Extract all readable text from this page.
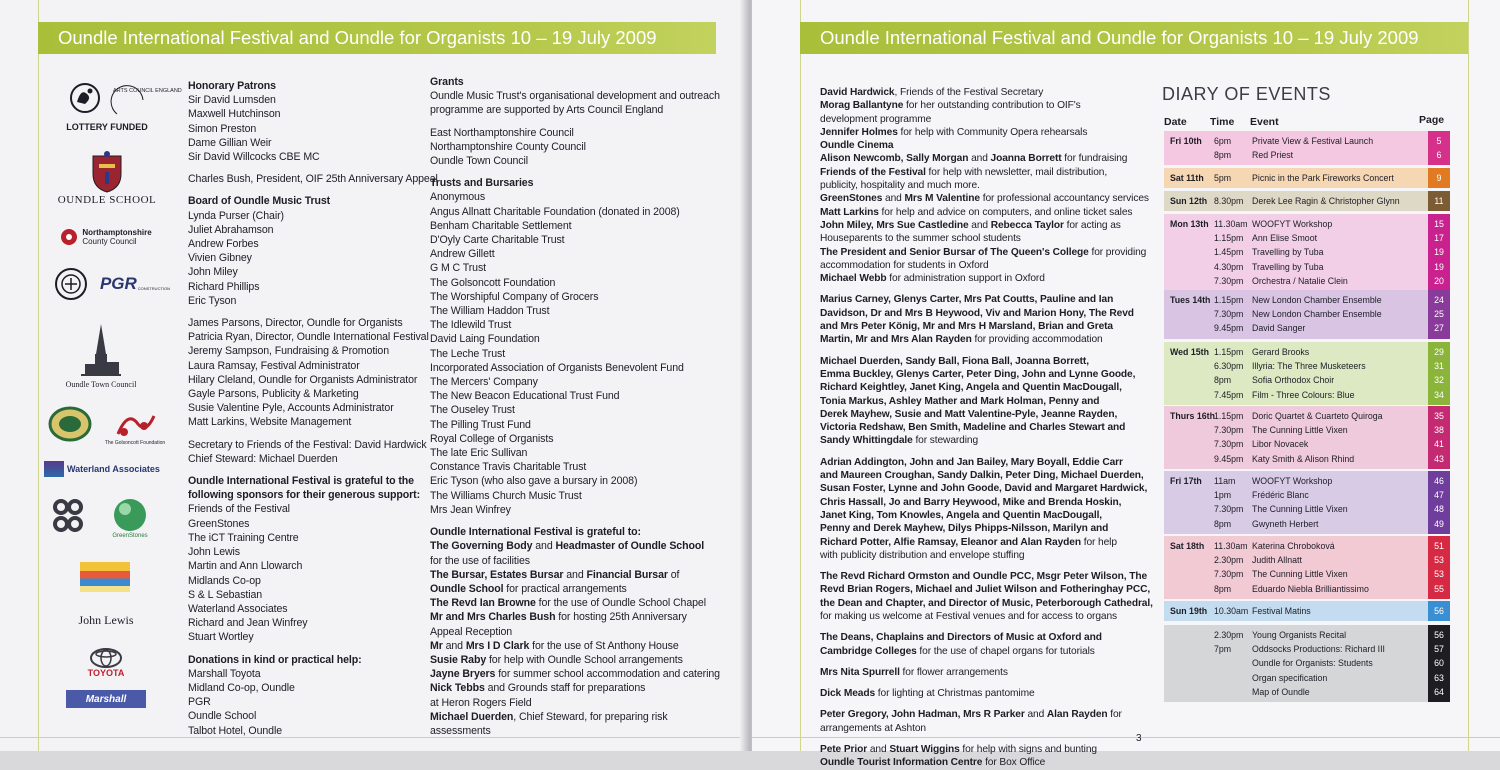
Oundle International Festival and Oundle for Organists 10 – 19 July 2009
ARTS COUNCIL ENGLAND
LOTTERY FUNDED
OUNDLE SCHOOL
Northamptonshire
County Council
PGR CONSTRUCTION
Oundle Town Council
The Golsoncott Foundation
Waterland Associates
GreenStones
John Lewis
TOYOTA
Marshall
Honorary Patrons
Sir David Lumsden
Maxwell Hutchinson
Simon Preston
Dame Gillian Weir
Sir David Willcocks CBE MC
Charles Bush, President, OIF 25th Anniversary Appeal
Board of Oundle Music Trust
Lynda Purser (Chair)
Juliet Abrahamson
Andrew Forbes
Vivien Gibney
John Miley
Richard Phillips
Eric Tyson
James Parsons, Director, Oundle for Organists
Patricia Ryan, Director, Oundle International Festival
Jeremy Sampson, Fundraising & Promotion
Laura Ramsay, Festival Administrator
Hilary Cleland, Oundle for Organists Administrator
Gayle Parsons, Publicity & Marketing
Susie Valentine Pyle, Accounts Administrator
Matt Larkins, Website Management
Secretary to Friends of the Festival: David Hardwick
Chief Steward: Michael Duerden
Oundle International Festival is grateful to the
following sponsors for their generous support:
Friends of the Festival
GreenStones
The iCT Training Centre
John Lewis
Martin and Ann Llowarch
Midlands Co-op
S & L Sebastian
Waterland Associates
Richard and Jean Winfrey
Stuart Wortley
Donations in kind or practical help:
Marshall Toyota
Midland Co-op, Oundle
PGR
Oundle School
Talbot Hotel, Oundle
Grants
Oundle Music Trust's organisational development and outreach
programme are supported by Arts Council England
East Northamptonshire Council
Northamptonshire County Council
Oundle Town Council
Trusts and Bursaries
Anonymous
Angus Allnatt Charitable Foundation (donated in 2008)
Benham Charitable Settlement
D'Oyly Carte Charitable Trust
Andrew Gillett
G M C Trust
The Golsoncott Foundation
The Worshipful Company of Grocers
The William Haddon Trust
The Idlewild Trust
David Laing Foundation
The Leche Trust
Incorporated Association of Organists Benevolent Fund
The Mercers' Company
The New Beacon Educational Trust Fund
The Ouseley Trust
The Pilling Trust Fund
Royal College of Organists
The late Eric Sullivan
Constance Travis Charitable Trust
Eric Tyson (who also gave a bursary in 2008)
The Williams Church Music Trust
Mrs Jean Winfrey
Oundle International Festival is grateful to:
The Governing Body and Headmaster of Oundle School
for the use of facilities
The Bursar, Estates Bursar and Financial Bursar of
Oundle School for practical arrangements
The Revd Ian Browne for the use of Oundle School Chapel
Mr and Mrs Charles Bush for hosting 25th Anniversary
Appeal Reception
Mr and Mrs I D Clark for the use of St Anthony House
Susie Raby for help with Oundle School arrangements
Jayne Bryers for summer school accommodation and catering
Nick Tebbs and Grounds staff for preparations
at Heron Rogers Field
Michael Duerden, Chief Steward, for preparing risk
assessments
Oundle International Festival and Oundle for Organists 10 – 19 July 2009
David Hardwick, Friends of the Festival Secretary
Morag Ballantyne for her outstanding contribution to OIF's
development programme
Jennifer Holmes for help with Community Opera rehearsals
Oundle Cinema
Alison Newcomb, Sally Morgan and Joanna Borrett for fundraising
Friends of the Festival for help with newsletter, mail distribution,
publicity, hospitality and much more.
GreenStones and Mrs M Valentine for professional accountancy services
Matt Larkins for help and advice on computers, and online ticket sales
John Miley, Mrs Sue Castledine and Rebecca Taylor for acting as
Houseparents to the summer school students
The President and Senior Bursar of The Queen's College for providing
accommodation for students in Oxford
Michael Webb for administration support in Oxford
Marius Carney, Glenys Carter, Mrs Pat Coutts, Pauline and Ian
Davidson, Dr and Mrs B Heywood, Viv and Marion Hony, The Revd
and Mrs Peter König, Mr and Mrs H Marsland, Brian and Greta
Martin, Mr and Mrs Alan Rayden for providing accommodation
Michael Duerden, Sandy Ball, Fiona Ball, Joanna Borrett,
Emma Buckley, Glenys Carter, Peter Ding, John and Lynne Goode,
Richard Keightley, Janet King, Angela and Quentin MacDougall,
Tonia Markus, Ashley Mather and Mark Holman, Penny and
Derek Mayhew, Susie and Matt Valentine-Pyle, Jeanne Rayden,
Victoria Redshaw, Ben Smith, Madeline and Charles Stewart and
Sandy Whittingdale for stewarding
Adrian Addington, John and Jan Bailey, Mary Boyall, Eddie Carr
and Maureen Croughan, Sandy Dalkin, Peter Ding, Michael Duerden,
Susan Foster, Lynne and John Goode, David and Margaret Hardwick,
Chris Hassall, Jo and Barry Heywood, Mike and Brenda Hoskin,
Janet King, Tom Knowles, Angela and Quentin MacDougall,
Penny and Derek Mayhew, Dilys Phipps-Nilsson, Marilyn and
Richard Potter, Alfie Ramsay, Eleanor and Alan Rayden for help
with publicity distribution and envelope stuffing
The Revd Richard Ormston and Oundle PCC, Msgr Peter Wilson, The
Revd Brian Rogers, Michael and Juliet Wilson and Fotheringhay PCC,
the Dean and Chapter, and Director of Music, Peterborough Cathedral,
for making us welcome at Festival venues and for access to organs
The Deans, Chaplains and Directors of Music at Oxford and
Cambridge Colleges for the use of chapel organs for tutorials
Mrs Nita Spurrell for flower arrangements
Dick Meads for lighting at Christmas pantomime
Peter Gregory, John Hadman, Mrs R Parker and Alan Rayden for
arrangements at Ashton
Pete Prior and Stuart Wiggins for help with signs and bunting
Oundle Tourist Information Centre for Box Office
DIARY OF EVENTS
Date Time Event	Page
Fri 10th 6pm Private View & Festival Launch	5
8pm Red Priest	6
Sat 11th 5pm Picnic in the Park Fireworks Concert	9
Sun 12th 8.30pm Derek Lee Ragin & Christopher Glynn	11
Mon 13th 11.30am WOOFYT Workshop	15
1.15pm Ann Elise Smoot	17
1.45pm Travelling by Tuba	19
4.30pm Travelling by Tuba	19
7.30pm Orchestra / Natalie Clein	20
Tues 14th 1.15pm New London Chamber Ensemble	24
7.30pm New London Chamber Ensemble	25
9.45pm David Sanger	27
Wed 15th 1.15pm Gerard Brooks	29
6.30pm Illyria: The Three Musketeers	31
8pm Sofia Orthodox Choir	32
7.45pm Film - Three Colours: Blue	34
Thurs 16th 1.15pm Doric Quartet & Cuarteto Quiroga	35
7.30pm The Cunning Little Vixen	38
7.30pm Libor Novacek	41
9.45pm Katy Smith & Alison Rhind	43
Fri 17th 11am WOOFYT Workshop	46
1pm Frédéric Blanc	47
7.30pm The Cunning Little Vixen	48
8pm Gwyneth Herbert	49
Sat 18th 11.30am Katerina Chroboková	51
2.30pm Judith Allnatt	53
7.30pm The Cunning Little Vixen	53
8pm Eduardo Niebla Brilliantissimo	55
Sun 19th 10.30am Festival Matins	56
2.30pm Young Organists Recital	56
7pm Oddsocks Productions: Richard III	57
Oundle for Organists: Students	60
Organ specification	63
Map of Oundle	64
3
